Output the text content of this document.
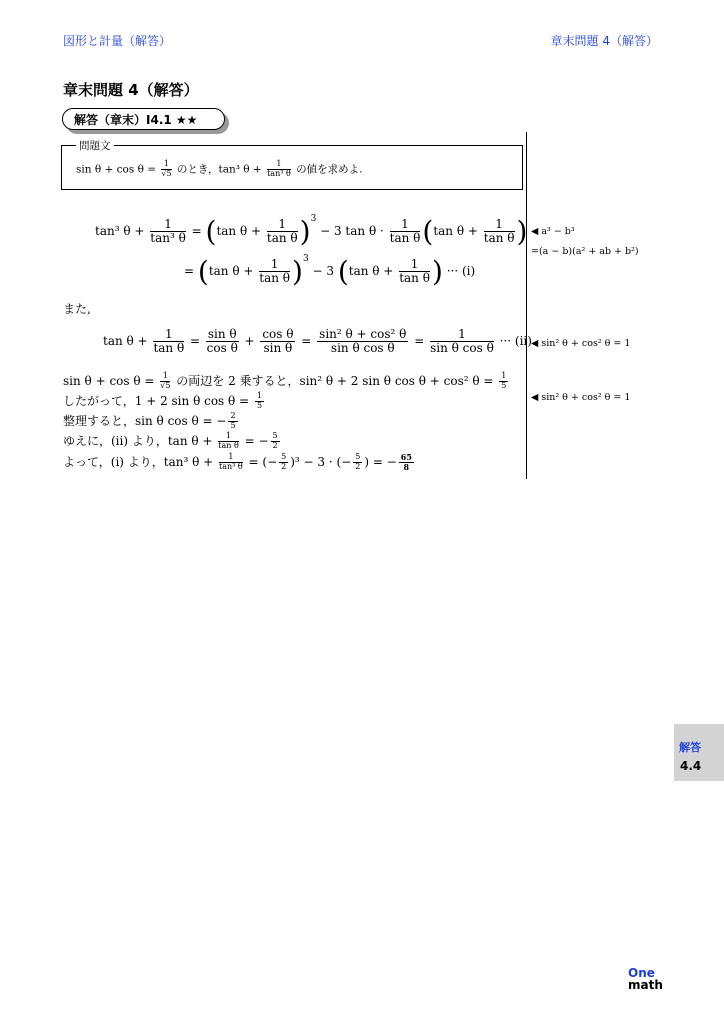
図形と計量（解答）	章末問題 4（解答）
章末問題 4（解答）
解答（章末）I4.1 ★★
問題文
$\sin \theta + \cos \theta = \frac{1}{√5}$ のとき，tan³ $\theta + \frac{1}{\text{tan³ θ}}$ の値を求めよ.
tan³ $\theta + \frac{1}{\text{tan³ θ}} = (\tan$ $\theta + \frac{1}{\text{tan θ}} )^3 - 3$ $\tan \theta \cdot \frac{1}{\text{tan θ}} (\tan$ $\theta + \frac{1}{\text{tan θ}}$ )
= (tan $\theta + \frac{1}{\text{tan θ}} )^3 - 3$ (tan $\theta + \frac{1}{\text{tan θ}}$ ) ··· (i)
また,
$\tan \theta + \frac{1}{\text{tan θ}} = \frac{\text{sin θ}}{\text{cos θ}} + \frac{\text{cos θ}}{\text{sin θ}} = \frac{\text{sin² θ + cos² θ}}{\text{sin θ cos θ}} = \frac{1}{\text{sin θ cos θ}}$ ··· (ii)
$\sin \theta + \cos \theta = \frac{1}{√5}$ の両辺を 2 乗すると，sin² θ + 2 sin θ cos θ + cos² $\theta = \frac{1}{5}$
したがって，1 + 2 sin θ $\cos \theta = \frac{1}{5}$
整理すると，sin θ cos θ = − $\frac{2}{5}$
ゆえに，(ii) より，$\tan \theta + \frac{1}{\text{tan θ}}$ = − $\frac{5}{2}$
よって，(i) より，tan³ $\theta + \frac{1}{\text{tan³ θ}}$ = (− $\frac{5}{2} )^3 - 3$ · (− $\frac{5}{2}$ ) = − $\frac{65}{8}$
◀ a³ − b³
=(a − b)(a² + ab + b²)
◀ sin² θ + cos² θ = 1
◀ sin² θ + cos² θ = 1
解答
4.4
One
math
